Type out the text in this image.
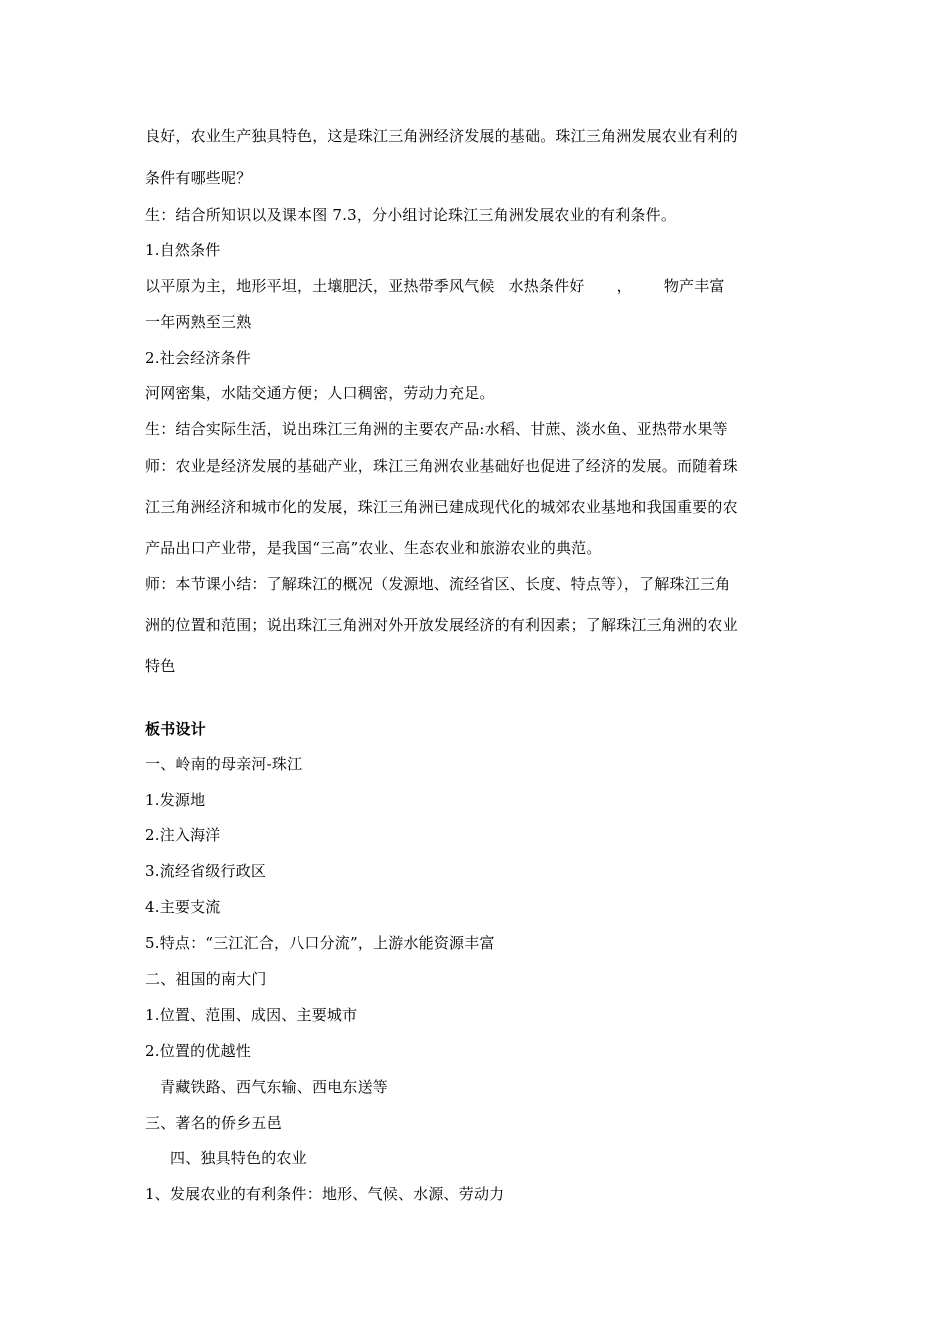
良好，农业生产独具特色，这是珠江三角洲经济发展的基础。珠江三角洲发展农业有利的
条件有哪些呢？
生：结合所知识以及课本图 7.3，分小组讨论珠江三角洲发展农业的有利条件。
1.自然条件
以平原为主，地形平坦，土壤肥沃，亚热带季风气候 水热条件好 ， 物产丰富
一年两熟至三熟
2.社会经济条件
河网密集，水陆交通方便；人口稠密，劳动力充足。
生：结合实际生活，说出珠江三角洲的主要农产品:水稻、甘蔗、淡水鱼、亚热带水果等
师：农业是经济发展的基础产业，珠江三角洲农业基础好也促进了经济的发展。而随着珠
江三角洲经济和城市化的发展，珠江三角洲已建成现代化的城郊农业基地和我国重要的农
产品出口产业带，是我国“三高”农业、生态农业和旅游农业的典范。
师：本节课小结：了解珠江的概况（发源地、流经省区、长度、特点等），了解珠江三角
洲的位置和范围；说出珠江三角洲对外开放发展经济的有利因素；了解珠江三角洲的农业
特色
板书设计
一、岭南的母亲河-珠江
1.发源地
2.注入海洋
3.流经省级行政区
4.主要支流
5.特点：“三江汇合，八口分流”，上游水能资源丰富
二、祖国的南大门
1.位置、范围、成因、主要城市
2.位置的优越性
青藏铁路、西气东输、西电东送等
三、著名的侨乡五邑
四、独具特色的农业
1、发展农业的有利条件：地形、气候、水源、劳动力
